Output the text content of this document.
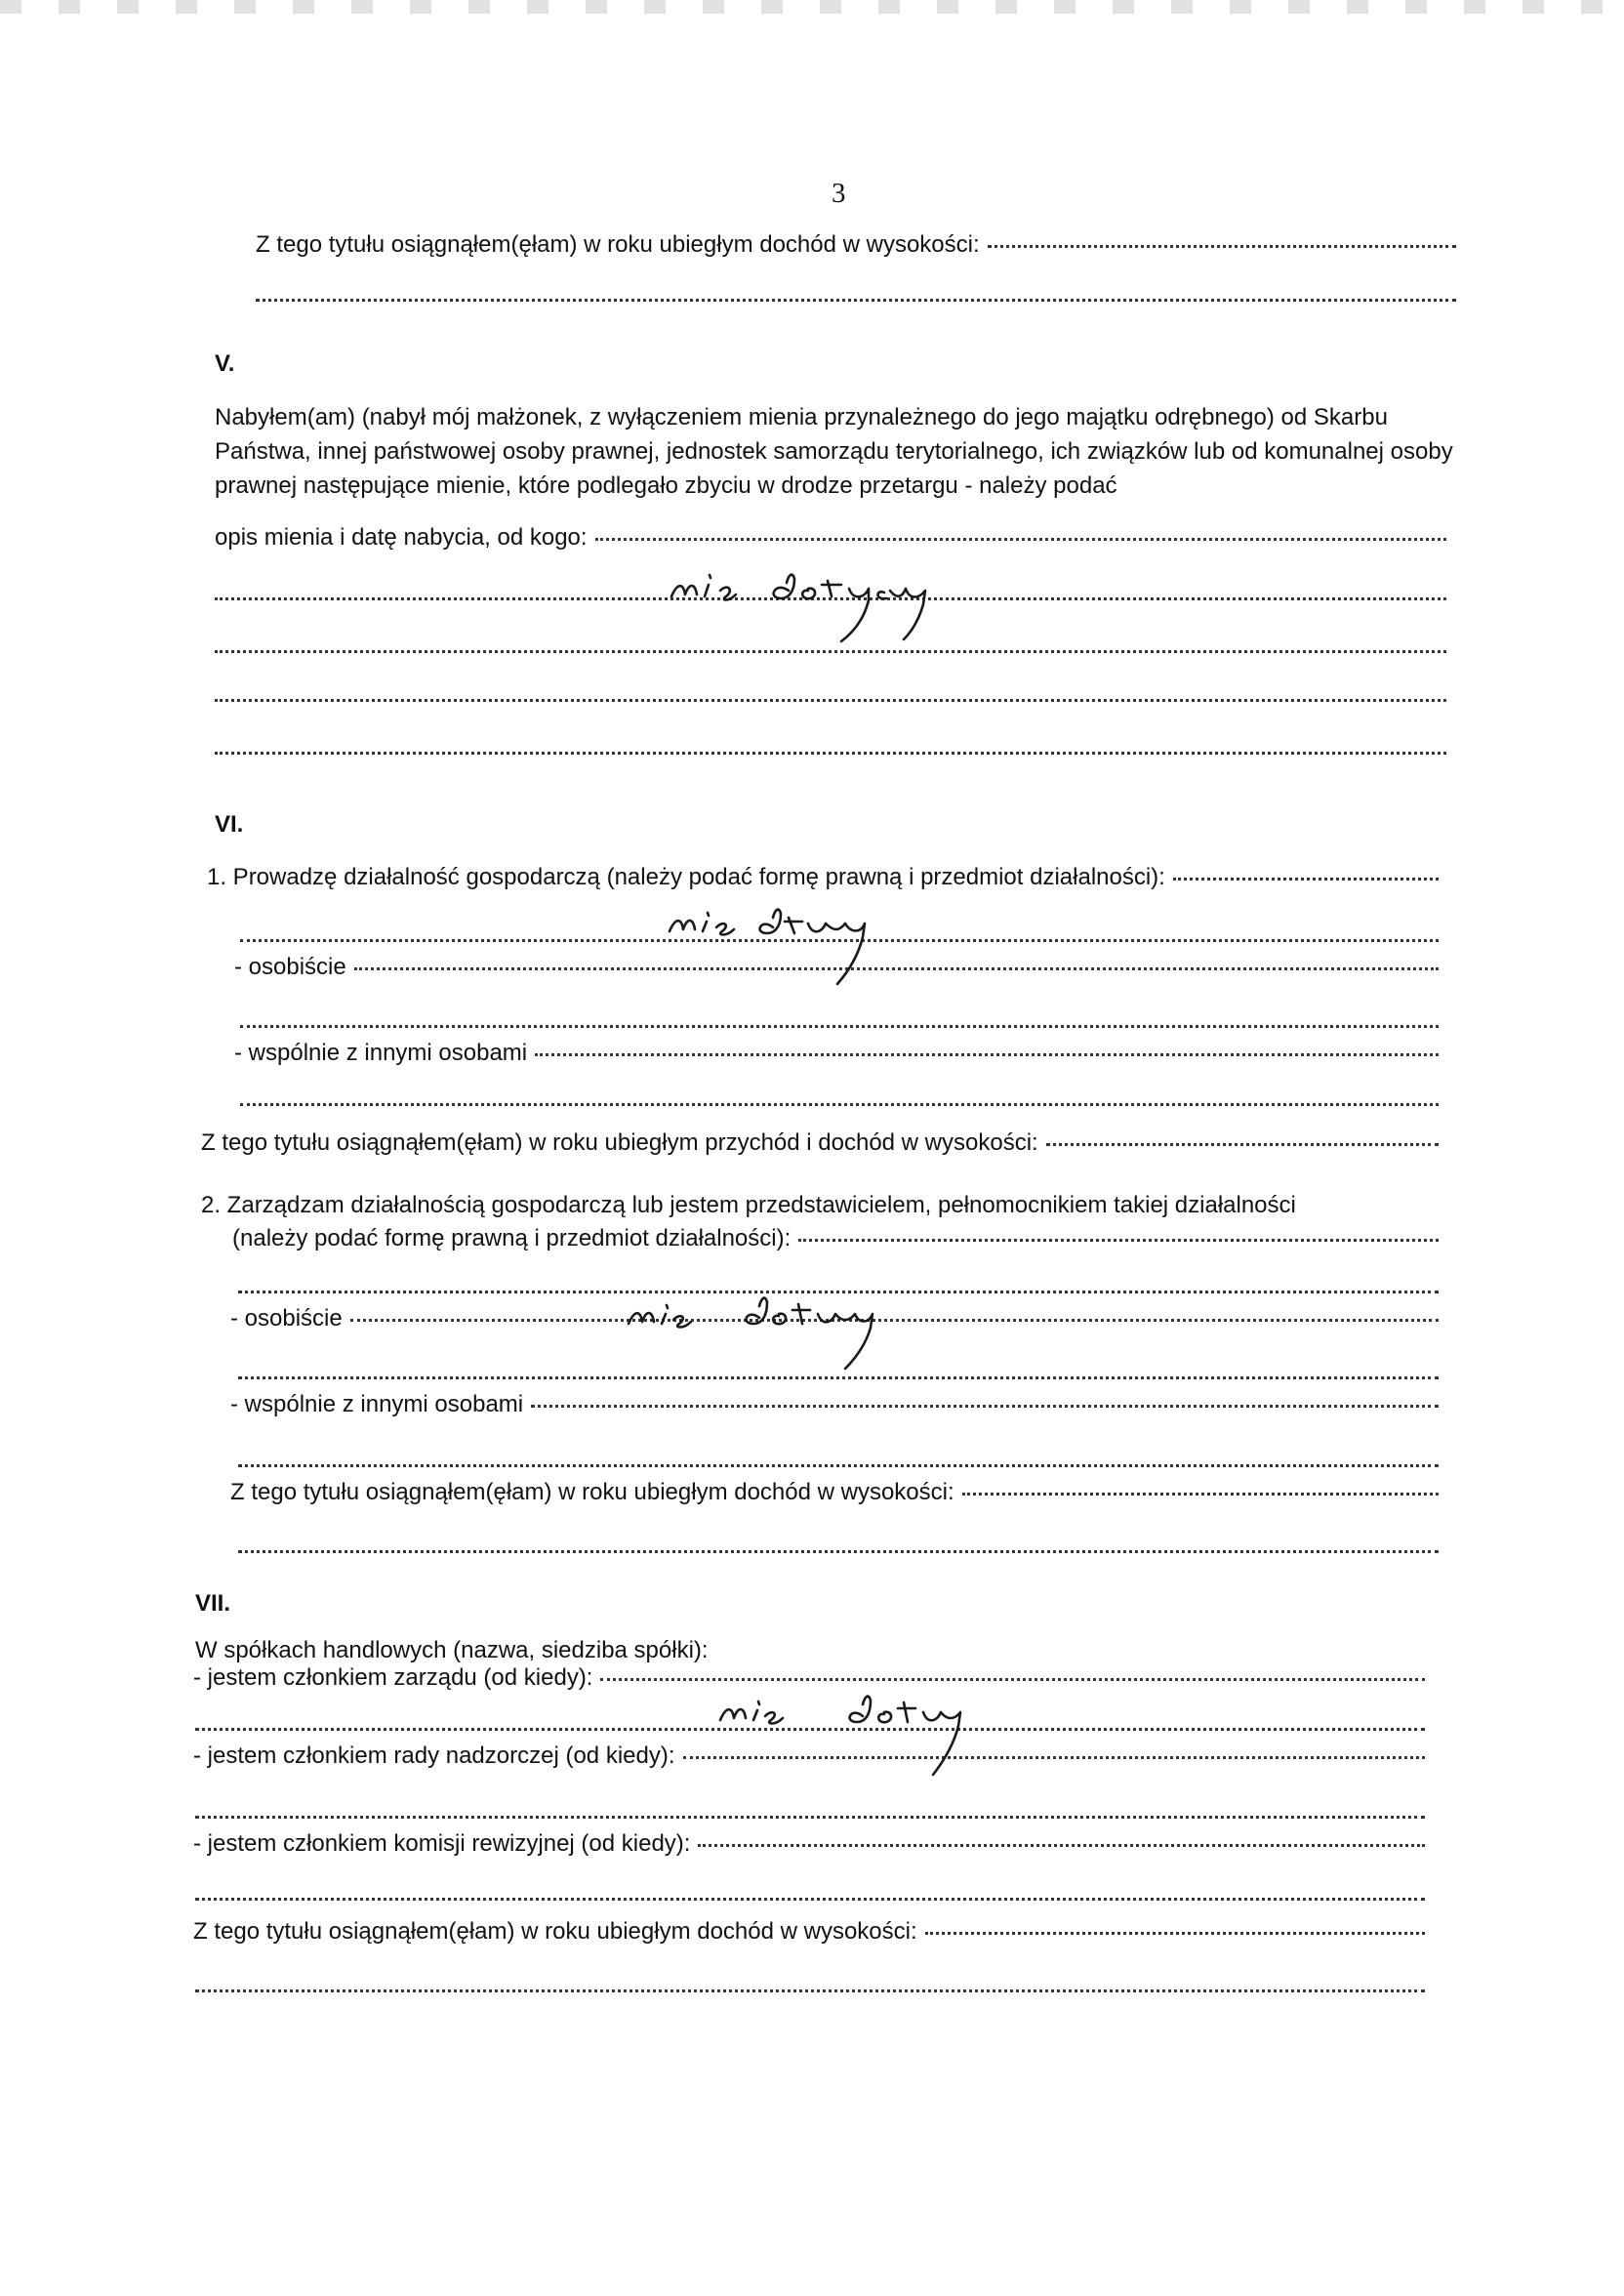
3
Z tego tytułu osiągnąłem(ęłam) w roku ubiegłym dochód w wysokości:
V.
Nabyłem(am) (nabył mój małżonek, z wyłączeniem mienia przynależnego do jego majątku odrębnego) od Skarbu Państwa, innej państwowej osoby prawnej, jednostek samorządu terytorialnego, ich związków lub od komunalnej osoby prawnej następujące mienie, które podlegało zbyciu w drodze przetargu - należy podać
opis mienia i datę nabycia, od kogo:
VI.
1. Prowadzę działalność gospodarczą (należy podać formę prawną i przedmiot działalności):
- osobiście
- wspólnie z innymi osobami
Z tego tytułu osiągnąłem(ęłam) w roku ubiegłym przychód i dochód w wysokości:
2. Zarządzam działalnością gospodarczą lub jestem przedstawicielem, pełnomocnikiem takiej działalności
(należy podać formę prawną i przedmiot działalności):
- osobiście
- wspólnie z innymi osobami
Z tego tytułu osiągnąłem(ęłam) w roku ubiegłym dochód w wysokości:
VII.
W spółkach handlowych (nazwa, siedziba spółki):
- jestem członkiem zarządu (od kiedy):
- jestem członkiem rady nadzorczej (od kiedy):
- jestem członkiem komisji rewizyjnej (od kiedy):
Z tego tytułu osiągnąłem(ęłam) w roku ubiegłym dochód w wysokości:
